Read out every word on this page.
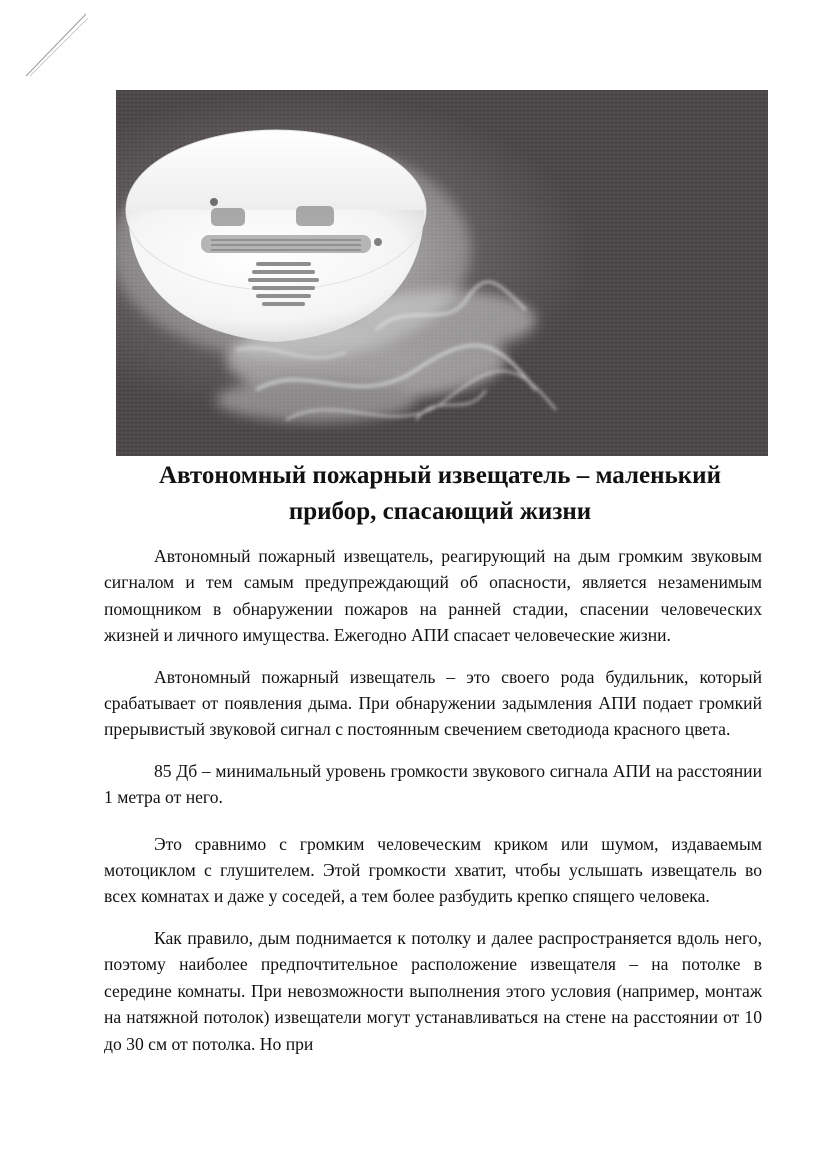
Автономный пожарный извещатель – маленький
прибор, спасающий жизни

Автономный пожарный извещатель, реагирующий на дым громким звуковым сигналом и тем самым предупреждающий об опасности, является незаменимым помощником в обнаружении пожаров на ранней стадии, спасении человеческих жизней и личного имущества. Ежегодно АПИ спасает человеческие жизни.

Автономный пожарный извещатель – это своего рода будильник, который срабатывает от появления дыма. При обнаружении задымления АПИ подает громкий прерывистый звуковой сигнал с постоянным свечением светодиода красного цвета.

85 Дб – минимальный уровень громкости звукового сигнала АПИ на расстоянии 1 метра от него.

Это сравнимо с громким человеческим криком или шумом, издаваемым мотоциклом с глушителем. Этой громкости хватит, чтобы услышать извещатель во всех комнатах и даже у соседей, а тем более разбудить крепко спящего человека.

Как правило, дым поднимается к потолку и далее распространяется вдоль него, поэтому наиболее предпочтительное расположение извещателя – на потолке в середине комнаты. При невозможности выполнения этого условия (например, монтаж на натяжной потолок) извещатели могут устанавливаться на стене на расстоянии от 10 до 30 см от потолка. Но при
